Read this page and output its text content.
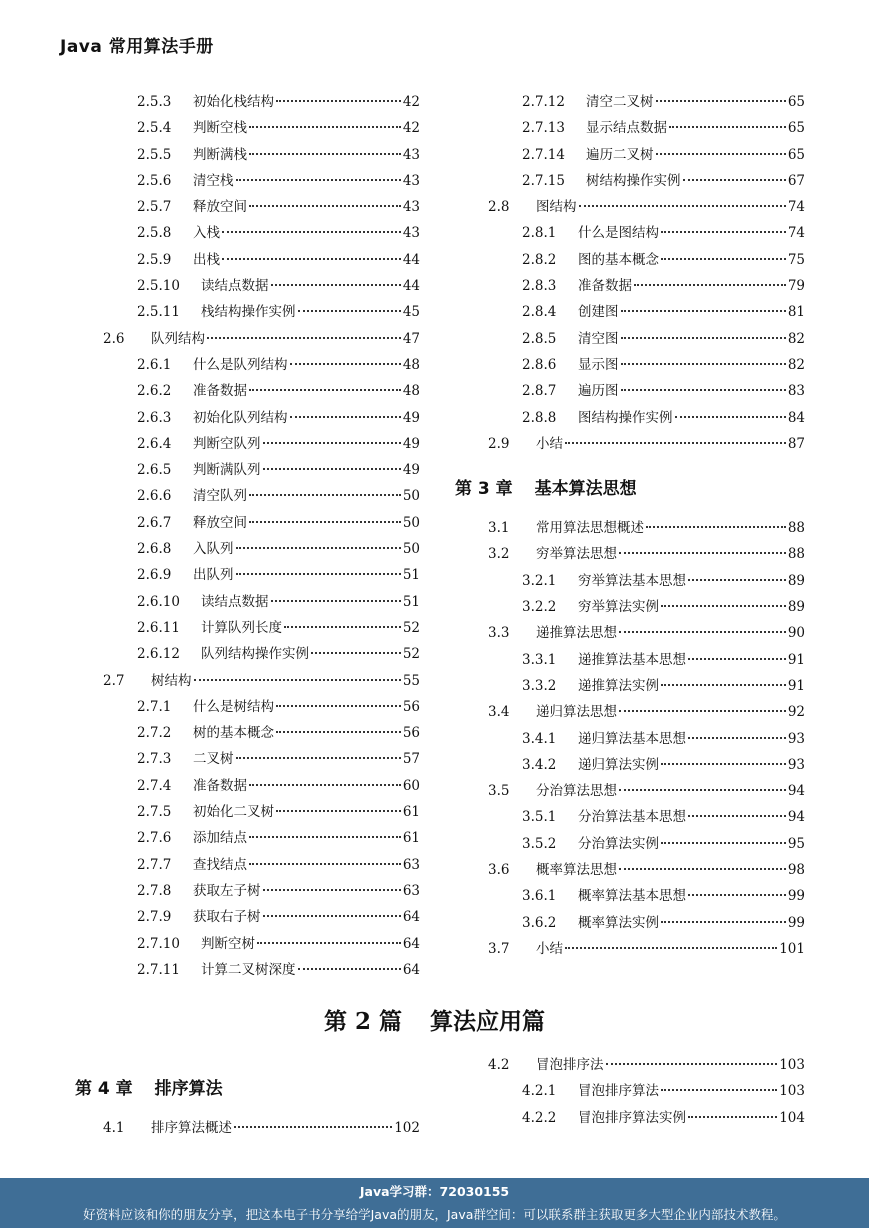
Java 常用算法手册
2.5.3	初始化栈结构	42
2.5.4	判断空栈	42
2.5.5	判断满栈	43
2.5.6	清空栈	43
2.5.7	释放空间	43
2.5.8	入栈	43
2.5.9	出栈	44
2.5.10	读结点数据	44
2.5.11	栈结构操作实例	45
2.6	队列结构	47
2.6.1	什么是队列结构	48
2.6.2	准备数据	48
2.6.3	初始化队列结构	49
2.6.4	判断空队列	49
2.6.5	判断满队列	49
2.6.6	清空队列	50
2.6.7	释放空间	50
2.6.8	入队列	50
2.6.9	出队列	51
2.6.10	读结点数据	51
2.6.11	计算队列长度	52
2.6.12	队列结构操作实例	52
2.7	树结构	55
2.7.1	什么是树结构	56
2.7.2	树的基本概念	56
2.7.3	二叉树	57
2.7.4	准备数据	60
2.7.5	初始化二叉树	61
2.7.6	添加结点	61
2.7.7	查找结点	63
2.7.8	获取左子树	63
2.7.9	获取右子树	64
2.7.10	判断空树	64
2.7.11	计算二叉树深度	64
2.7.12	清空二叉树	65
2.7.13	显示结点数据	65
2.7.14	遍历二叉树	65
2.7.15	树结构操作实例	67
2.8	图结构	74
2.8.1	什么是图结构	74
2.8.2	图的基本概念	75
2.8.3	准备数据	79
2.8.4	创建图	81
2.8.5	清空图	82
2.8.6	显示图	82
2.8.7	遍历图	83
2.8.8	图结构操作实例	84
2.9	小结	87
第 3 章 基本算法思想
3.1	常用算法思想概述	88
3.2	穷举算法思想	88
3.2.1	穷举算法基本思想	89
3.2.2	穷举算法实例	89
3.3	递推算法思想	90
3.3.1	递推算法基本思想	91
3.3.2	递推算法实例	91
3.4	递归算法思想	92
3.4.1	递归算法基本思想	93
3.4.2	递归算法实例	93
3.5	分治算法思想	94
3.5.1	分治算法基本思想	94
3.5.2	分治算法实例	95
3.6	概率算法思想	98
3.6.1	概率算法基本思想	99
3.6.2	概率算法实例	99
3.7	小结	101
第 2 篇 算法应用篇
第 4 章 排序算法
4.1	排序算法概述	102
4.2	冒泡排序法	103
4.2.1	冒泡排序算法	103
4.2.2	冒泡排序算法实例	104
Java学习群：72030155
好资料应该和你的朋友分享，把这本电子书分享给学Java的朋友，Java群空间：可以联系群主获取更多大型企业内部技术教程。
